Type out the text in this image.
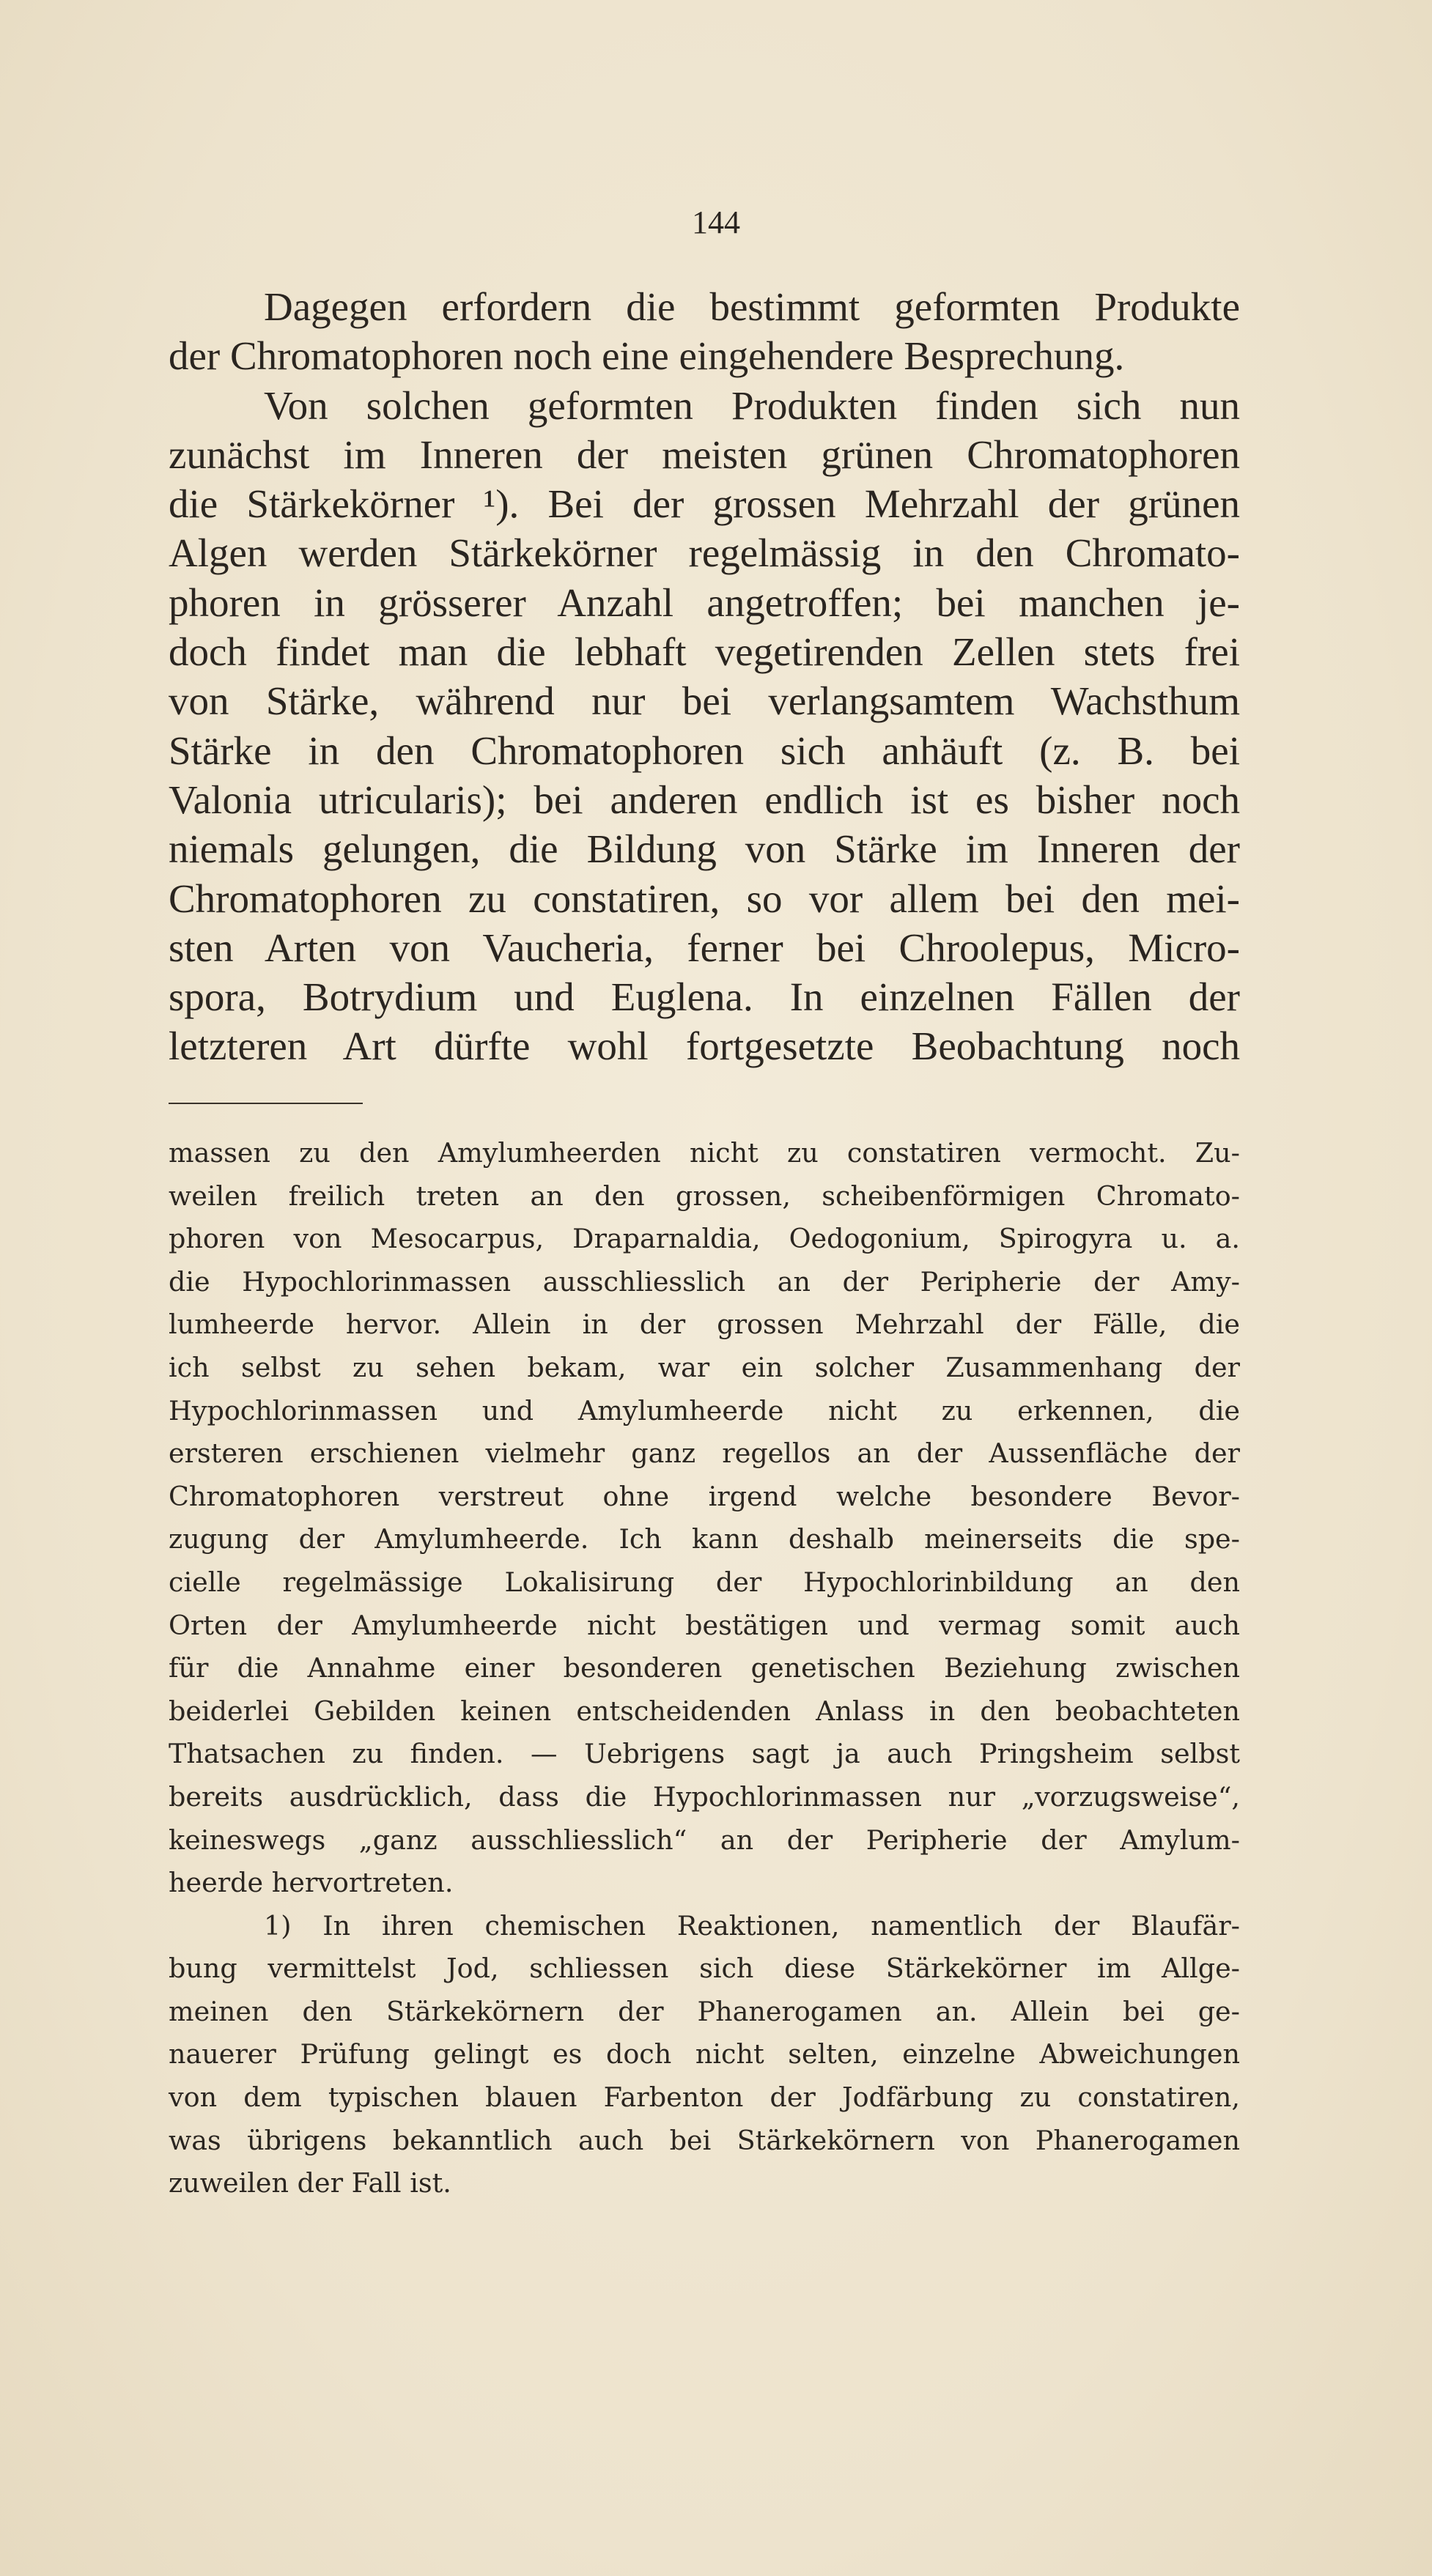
144
Dagegen erfordern die bestimmt geformten Produkte
der Chromatophoren noch eine eingehendere Besprechung.
Von solchen geformten Produkten finden sich nun
zunächst im Inneren der meisten grünen Chromatophoren
die Stärkekörner ¹). Bei der grossen Mehrzahl der grünen
Algen werden Stärkekörner regelmässig in den Chromato-
phoren in grösserer Anzahl angetroffen; bei manchen je-
doch findet man die lebhaft vegetirenden Zellen stets frei
von Stärke, während nur bei verlangsamtem Wachsthum
Stärke in den Chromatophoren sich anhäuft (z. B. bei
Valonia utricularis); bei anderen endlich ist es bisher noch
niemals gelungen, die Bildung von Stärke im Inneren der
Chromatophoren zu constatiren, so vor allem bei den mei-
sten Arten von Vaucheria, ferner bei Chroolepus, Micro-
spora, Botrydium und Euglena. In einzelnen Fällen der
letzteren Art dürfte wohl fortgesetzte Beobachtung noch
massen zu den Amylumheerden nicht zu constatiren vermocht. Zu-
weilen freilich treten an den grossen, scheibenförmigen Chromato-
phoren von Mesocarpus, Draparnaldia, Oedogonium, Spirogyra u. a.
die Hypochlorinmassen ausschliesslich an der Peripherie der Amy-
lumheerde hervor. Allein in der grossen Mehrzahl der Fälle, die
ich selbst zu sehen bekam, war ein solcher Zusammenhang der
Hypochlorinmassen und Amylumheerde nicht zu erkennen, die
ersteren erschienen vielmehr ganz regellos an der Aussenfläche der
Chromatophoren verstreut ohne irgend welche besondere Bevor-
zugung der Amylumheerde. Ich kann deshalb meinerseits die spe-
cielle regelmässige Lokalisirung der Hypochlorinbildung an den
Orten der Amylumheerde nicht bestätigen und vermag somit auch
für die Annahme einer besonderen genetischen Beziehung zwischen
beiderlei Gebilden keinen entscheidenden Anlass in den beobachteten
Thatsachen zu finden. — Uebrigens sagt ja auch Pringsheim selbst
bereits ausdrücklich, dass die Hypochlorinmassen nur „vorzugsweise“,
keineswegs „ganz ausschliesslich“ an der Peripherie der Amylum-
heerde hervortreten.
1) In ihren chemischen Reaktionen, namentlich der Blaufär-
bung vermittelst Jod, schliessen sich diese Stärkekörner im Allge-
meinen den Stärkekörnern der Phanerogamen an. Allein bei ge-
nauerer Prüfung gelingt es doch nicht selten, einzelne Abweichungen
von dem typischen blauen Farbenton der Jodfärbung zu constatiren,
was übrigens bekanntlich auch bei Stärkekörnern von Phanerogamen
zuweilen der Fall ist.
